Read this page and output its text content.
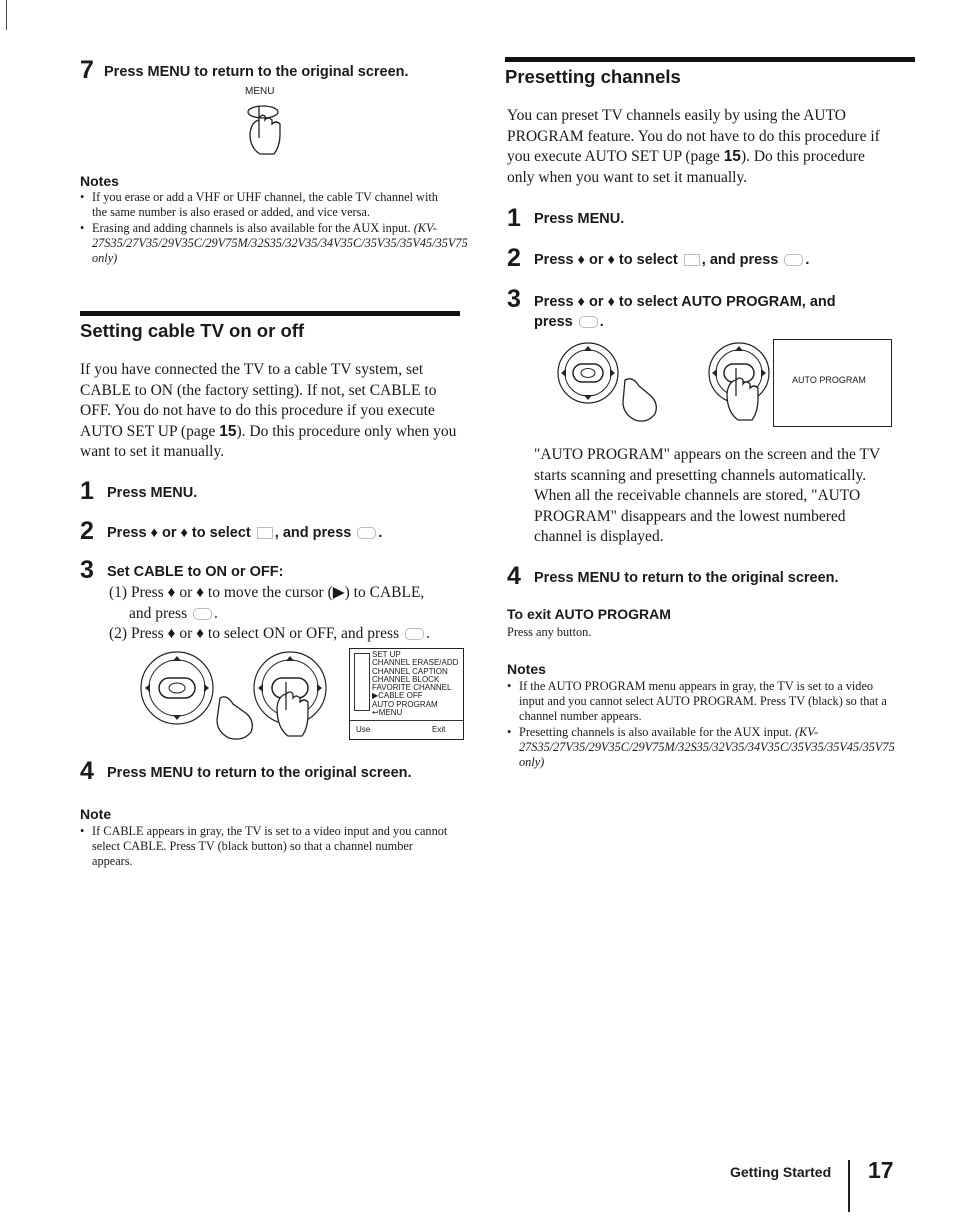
7 Press MENU to return to the original screen.
MENU
Notes
• If you erase or add a VHF or UHF channel, the cable TV channel with the same number is also erased or added, and vice versa.
• Erasing and adding channels is also available for the AUX input. (KV-27S35/27V35/29V35C/29V75M/32S35/32V35/34V35C/35V35/35V45/35V75 only)
Setting cable TV on or off
If you have connected the TV to a cable TV system, set CABLE to ON (the factory setting). If not, set CABLE to OFF. You do not have to do this procedure if you execute AUTO SET UP (page 15). Do this procedure only when you want to set it manually.
1 Press MENU.
2 Press ♦ or ♦ to select , and press .
3 Set CABLE to ON or OFF:
(1) Press ♦ or ♦ to move the cursor (▶) to CABLE,
and press .
(2) Press ♦ or ♦ to select ON or OFF, and press .
SET UP
CHANNEL ERASE/ADD
CHANNEL CAPTION
CHANNEL BLOCK
FAVORITE CHANNEL
▶CABLE OFF
AUTO PROGRAM
↩MENU
Use	Exit
4 Press MENU to return to the original screen.
Note
• If CABLE appears in gray, the TV is set to a video input and you cannot select CABLE. Press TV (black button) so that a channel number appears.
Presetting channels
You can preset TV channels easily by using the AUTO PROGRAM feature. You do not have to do this procedure if you execute AUTO SET UP (page 15). Do this procedure only when you want to set it manually.
1 Press MENU.
2 Press ♦ or ♦ to select , and press .
3 Press ♦ or ♦ to select AUTO PROGRAM, and
press .
AUTO PROGRAM
"AUTO PROGRAM" appears on the screen and the TV starts scanning and presetting channels automatically. When all the receivable channels are stored, "AUTO PROGRAM" disappears and the lowest numbered channel is displayed.
4 Press MENU to return to the original screen.
To exit AUTO PROGRAM
Press any button.
Notes
• If the AUTO PROGRAM menu appears in gray, the TV is set to a video input and you cannot select AUTO PROGRAM. Press TV (black) so that a channel number appears.
• Presetting channels is also available for the AUX input. (KV-27S35/27V35/29V35C/29V75M/32S35/32V35/34V35C/35V35/35V45/35V75 only)
Getting Started 17
